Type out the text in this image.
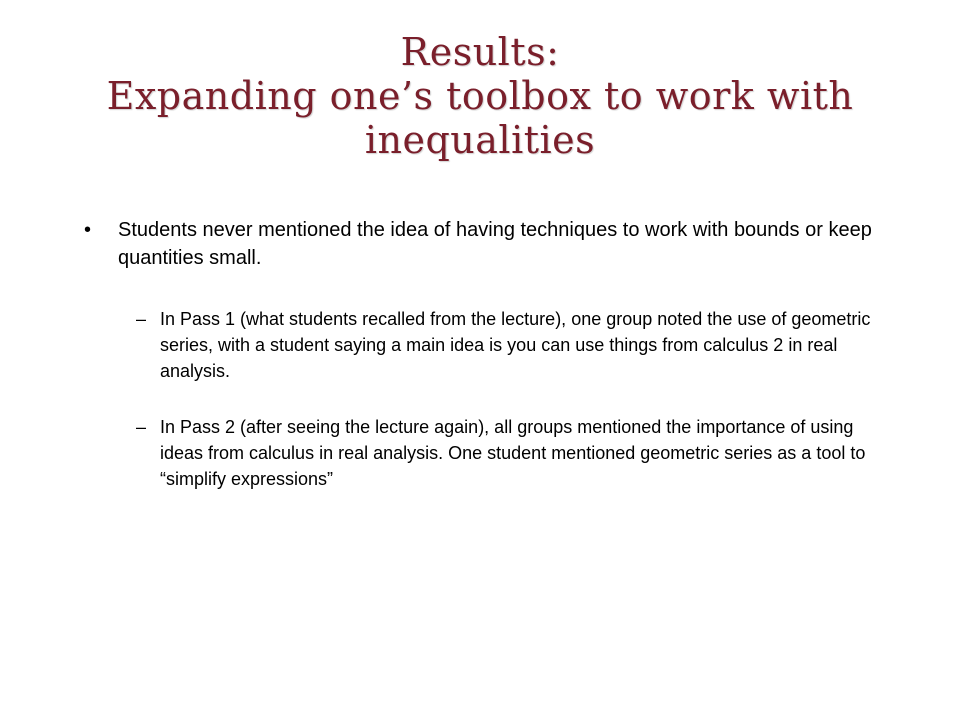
Results:
Expanding one’s toolbox to work with
inequalities
• Students never mentioned the idea of having techniques to work with bounds or keep quantities small.
– In Pass 1 (what students recalled from the lecture), one group noted the use of geometric series, with a student saying a main idea is you can use things from calculus 2 in real analysis.
– In Pass 2 (after seeing the lecture again), all groups mentioned the importance of using ideas from calculus in real analysis. One student mentioned geometric series as a tool to “simplify expressions”
